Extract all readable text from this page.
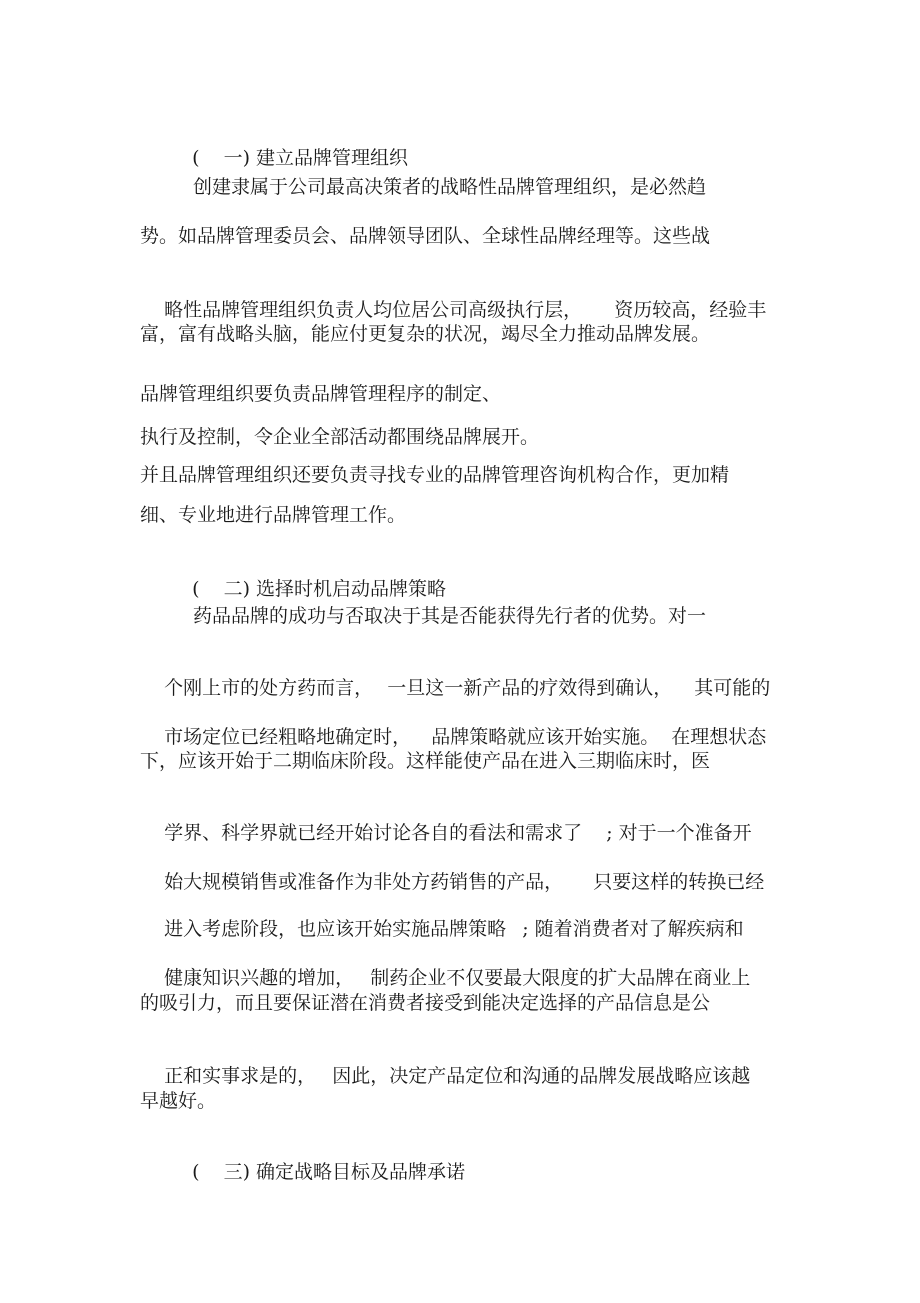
( 一) 建立品牌管理组织

创建隶属于公司最高决策者的战略性品牌管理组织，是必然趋
势。如品牌管理委员会、品牌领导团队、全球性品牌经理等。这些战

略性品牌管理组织负责人均位居公司高级执行层， 资历较高，经验丰

富，富有战略头脑，能应付更复杂的状况，竭尽全力推动品牌发展。
品牌管理组织要负责品牌管理程序的制定、
执行及控制，令企业全部活动都围绕品牌展开。
并且品牌管理组织还要负责寻找专业的品牌管理咨询机构合作，更加精
细、专业地进行品牌管理工作。

( 二) 选择时机启动品牌策略

药品品牌的成功与否取决于其是否能获得先行者的优势。对一

个刚上市的处方药而言， 一旦这一新产品的疗效得到确认， 其可能的

市场定位已经粗略地确定时， 品牌策略就应该开始实施。 在理想状态

下，应该开始于二期临床阶段。这样能使产品在进入三期临床时，医

学界、科学界就已经开始讨论各自的看法和需求了 ; 对于一个准备开

始大规模销售或准备作为非处方药销售的产品， 只要这样的转换已经

进入考虑阶段，也应该开始实施品牌策略 ; 随着消费者对了解疾病和

健康知识兴趣的增加， 制药企业不仅要最大限度的扩大品牌在商业上

的吸引力，而且要保证潜在消费者接受到能决定选择的产品信息是公

正和实事求是的， 因此，决定产品定位和沟通的品牌发展战略应该越

早越好。

( 三) 确定战略目标及品牌承诺
